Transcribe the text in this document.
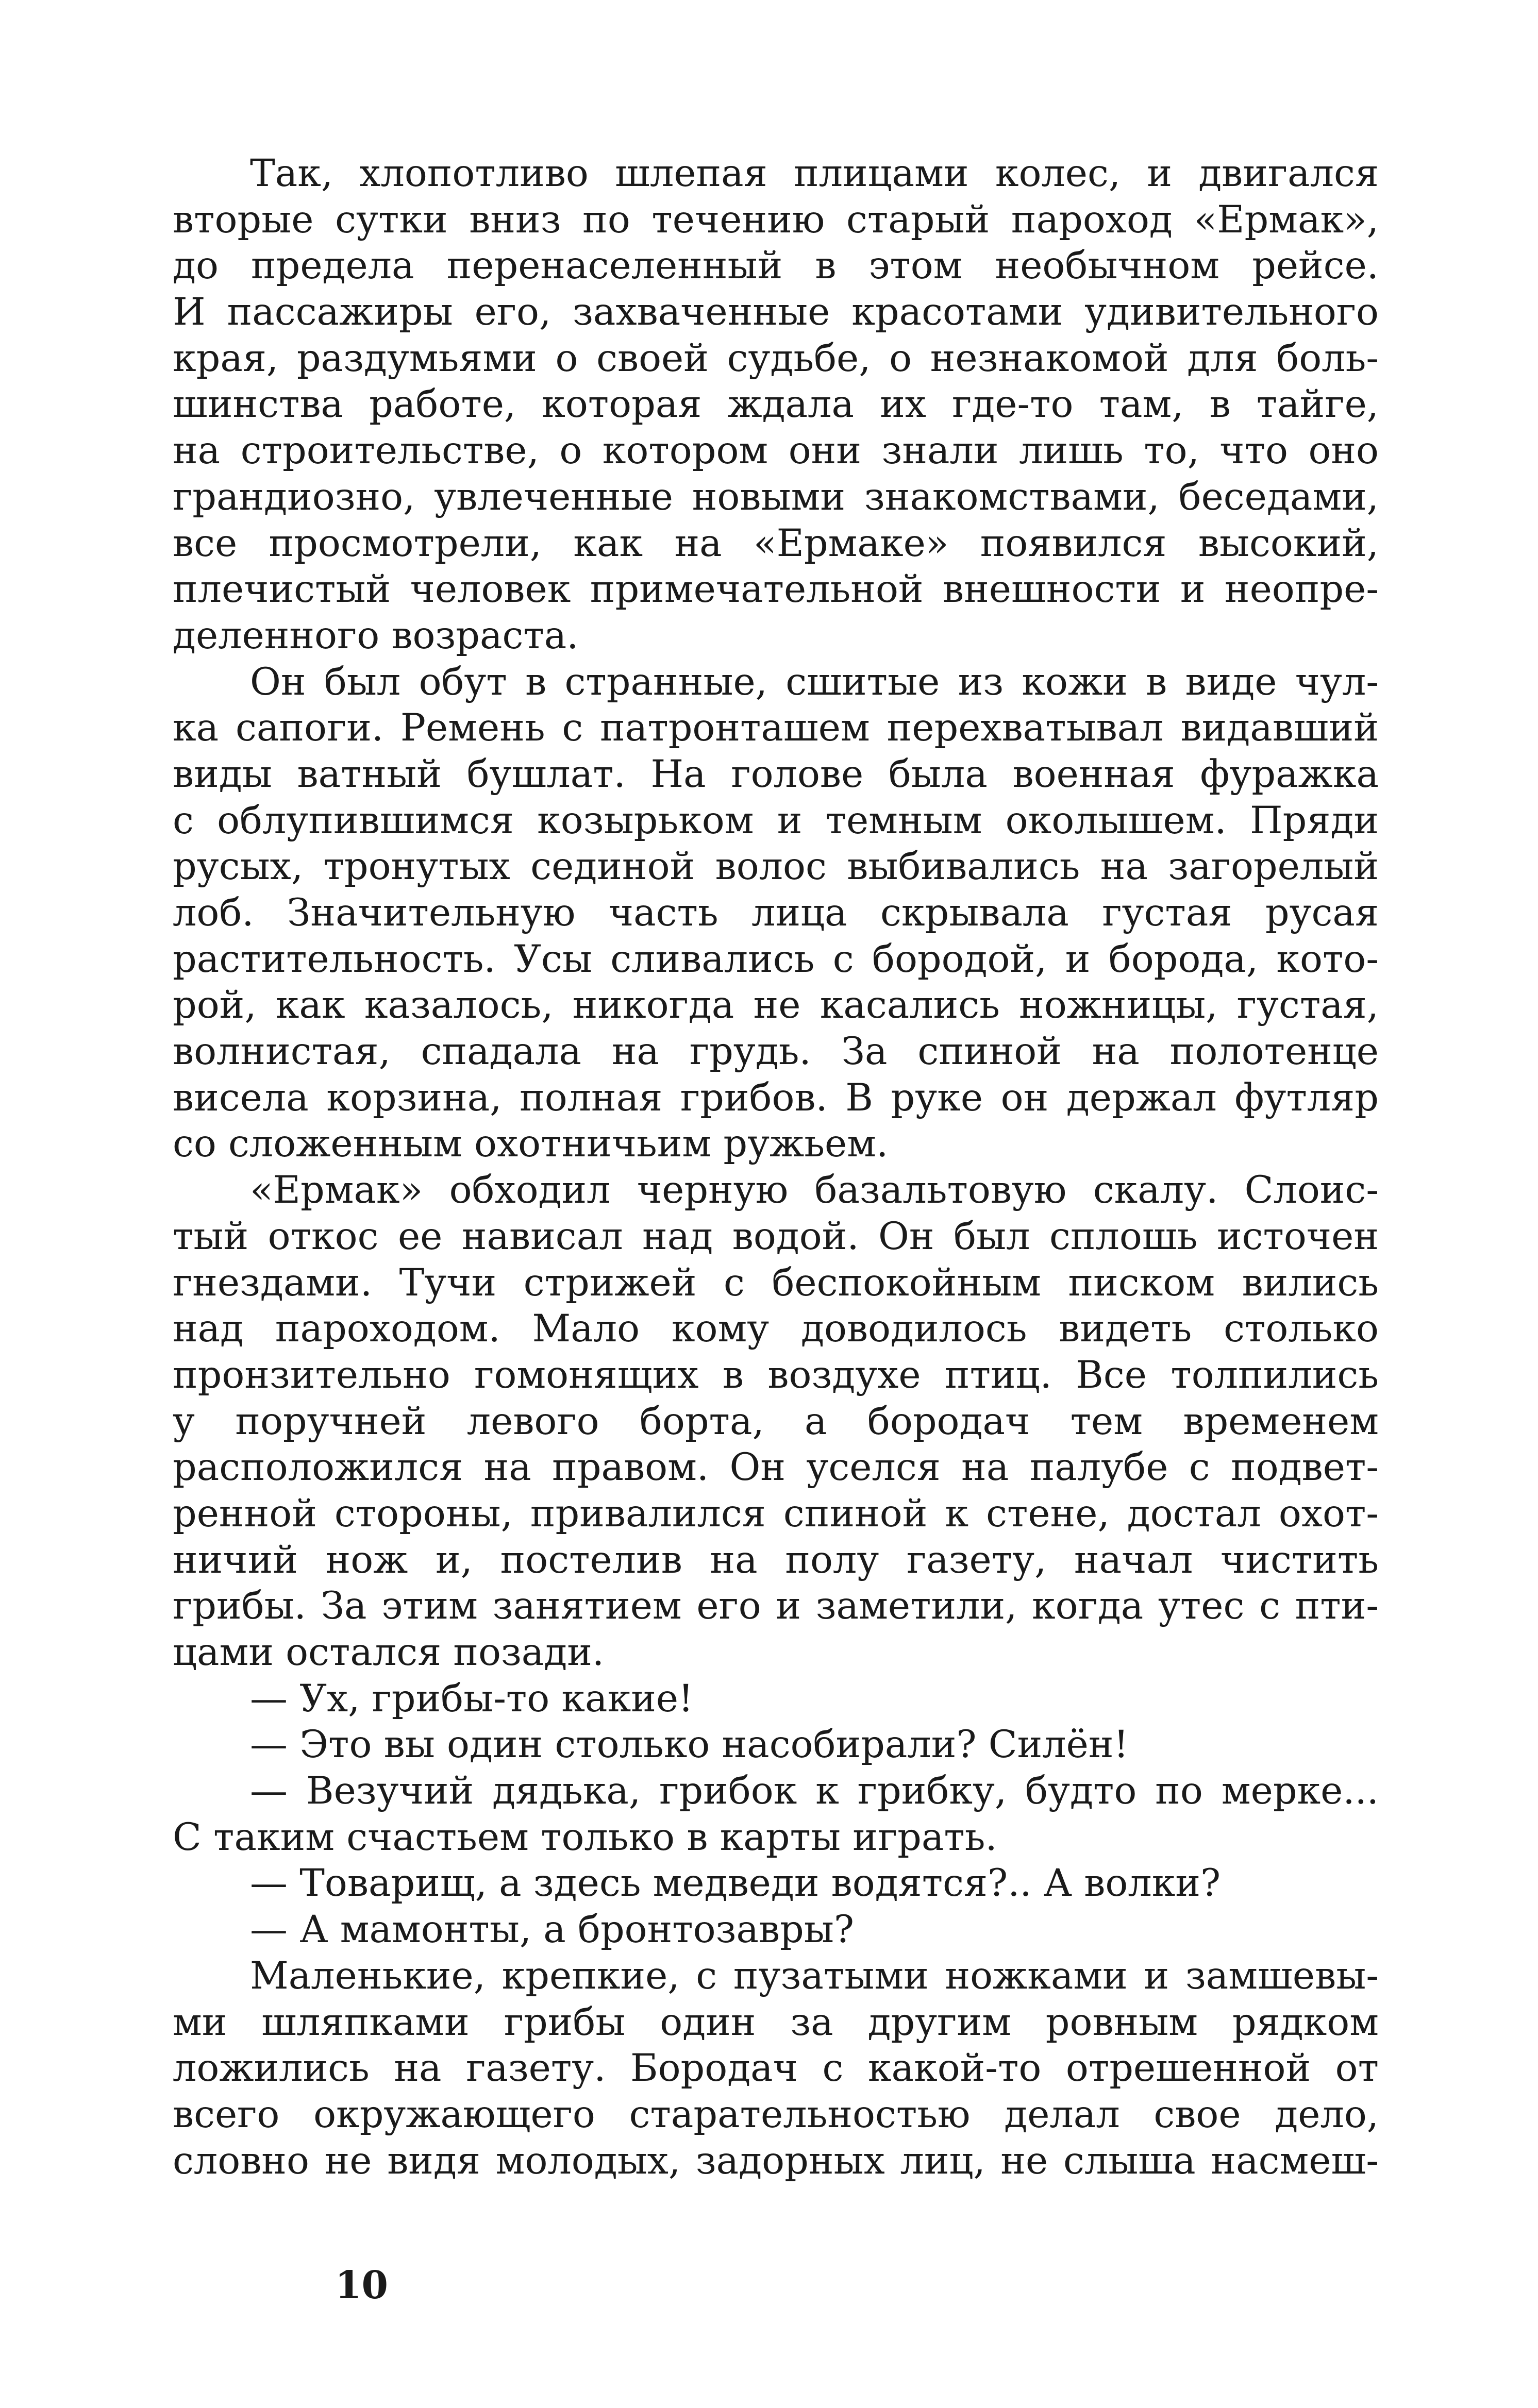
Так, хлопотливо шлепая плицами колес, и двигался
вторые сутки вниз по течению старый пароход «Ермак»,
до предела перенаселенный в этом необычном рейсе.
И пассажиры его, захваченные красотами удивительного
края, раздумьями о своей судьбе, о незнакомой для боль-
шинства работе, которая ждала их где-то там, в тайге,
на строительстве, о котором они знали лишь то, что оно
грандиозно, увлеченные новыми знакомствами, беседами,
все просмотрели, как на «Ермаке» появился высокий,
плечистый человек примечательной внешности и неопре-
деленного возраста.
Он был обут в странные, сшитые из кожи в виде чул-
ка сапоги. Ремень с патронташем перехватывал видавший
виды ватный бушлат. На голове была военная фуражка
с облупившимся козырьком и темным околышем. Пряди
русых, тронутых сединой волос выбивались на загорелый
лоб. Значительную часть лица скрывала густая русая
растительность. Усы сливались с бородой, и борода, кото-
рой, как казалось, никогда не касались ножницы, густая,
волнистая, спадала на грудь. За спиной на полотенце
висела корзина, полная грибов. В руке он держал футляр
со сложенным охотничьим ружьем.
«Ермак» обходил черную базальтовую скалу. Слоис-
тый откос ее нависал над водой. Он был сплошь источен
гнездами. Тучи стрижей с беспокойным писком вились
над пароходом. Мало кому доводилось видеть столько
пронзительно гомонящих в воздухе птиц. Все толпились
у поручней левого борта, а бородач тем временем
расположился на правом. Он уселся на палубе с подвет-
ренной стороны, привалился спиной к стене, достал охот-
ничий нож и, постелив на полу газету, начал чистить
грибы. За этим занятием его и заметили, когда утес с пти-
цами остался позади.
— Ух, грибы-то какие!
— Это вы один столько насобирали? Силён!
— Везучий дядька, грибок к грибку, будто по мерке...
С таким счастьем только в карты играть.
— Товарищ, а здесь медведи водятся?.. А волки?
— А мамонты, а бронтозавры?
Маленькие, крепкие, с пузатыми ножками и замшевы-
ми шляпками грибы один за другим ровным рядком
ложились на газету. Бородач с какой-то отрешенной от
всего окружающего старательностью делал свое дело,
словно не видя молодых, задорных лиц, не слыша насмеш-
10
